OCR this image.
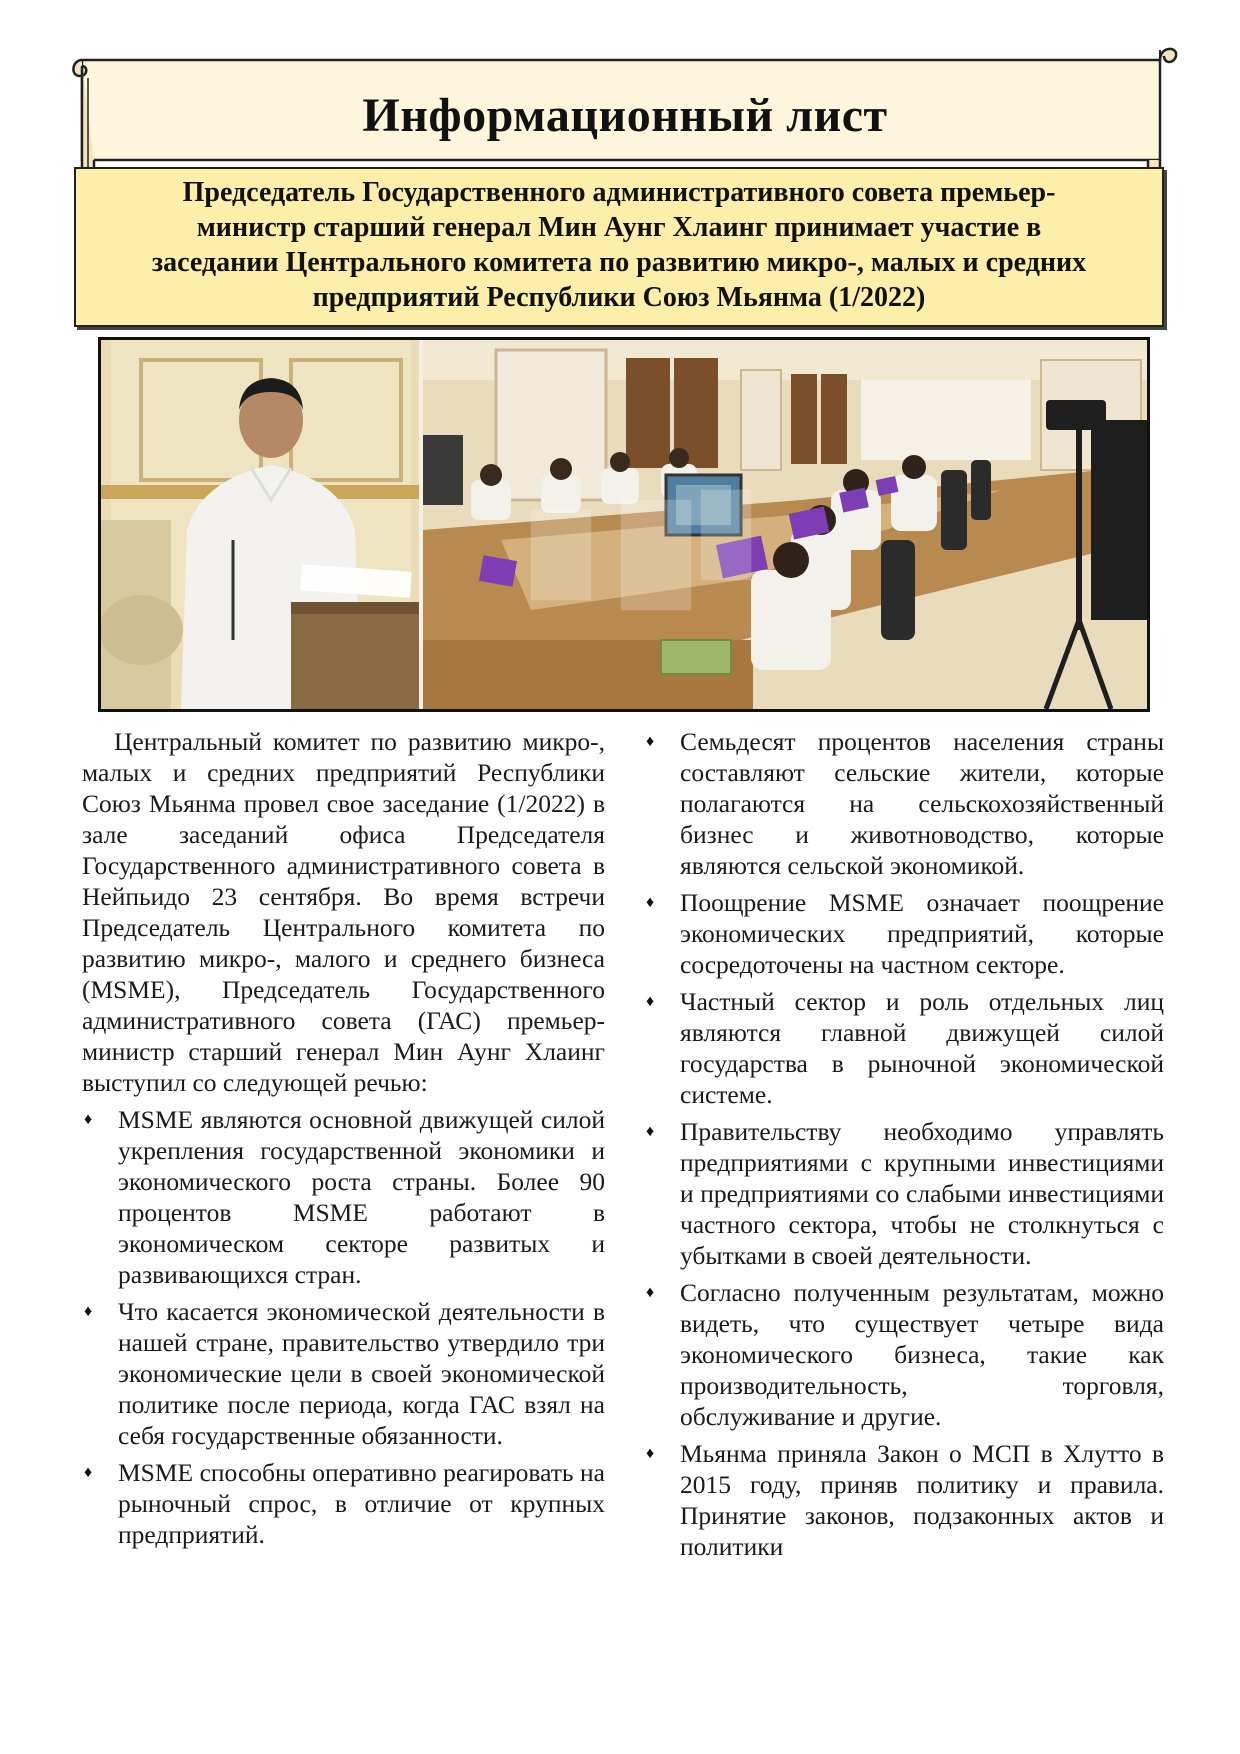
Информационный лист
Председатель Государственного административного совета премьер-
министр старший генерал Мин Аунг Хлаинг принимает участие в
заседании Центрального комитета по развитию микро-, малых и средних
предприятий Республики Союз Мьянма (1/2022)

Центральный комитет по развитию микро-, малых и средних предприятий Республики Союз Мьянма провел свое заседание (1/2022) в зале заседаний офиса Председателя Государственного административного совета в Нейпьидо 23 сентября. Во время встречи Председатель Центрального комитета по развитию микро-, малого и среднего бизнеса (MSME), Председатель Государственного административного совета (ГАС) премьер-министр старший генерал Мин Аунг Хлаинг выступил со следующей речью:

♦ MSME являются основной движущей силой укрепления государственной экономики и экономического роста страны. Более 90 процентов MSME работают в экономическом секторе развитых и развивающихся стран.
♦ Что касается экономической деятельности в нашей стране, правительство утвердило три экономические цели в своей экономической политике после периода, когда ГАС взял на себя государственные обязанности.
♦ MSME способны оперативно реагировать на рыночный спрос, в отличие от крупных предприятий.
♦ Семьдесят процентов населения страны составляют сельские жители, которые полагаются на сельскохозяйственный бизнес и животноводство, которые являются сельской экономикой.
♦ Поощрение MSME означает поощрение экономических предприятий, которые сосредоточены на частном секторе.
♦ Частный сектор и роль отдельных лиц являются главной движущей силой государства в рыночной экономической системе.
♦ Правительству необходимо управлять предприятиями с крупными инвестициями и предприятиями со слабыми инвестициями частного сектора, чтобы не столкнуться с убытками в своей деятельности.
♦ Согласно полученным результатам, можно видеть, что существует четыре вида экономического бизнеса, такие как производительность, торговля, обслуживание и другие.
♦ Мьянма приняла Закон о МСП в Хлутто в 2015 году, приняв политику и правила. Принятие законов, подзаконных актов и политики
